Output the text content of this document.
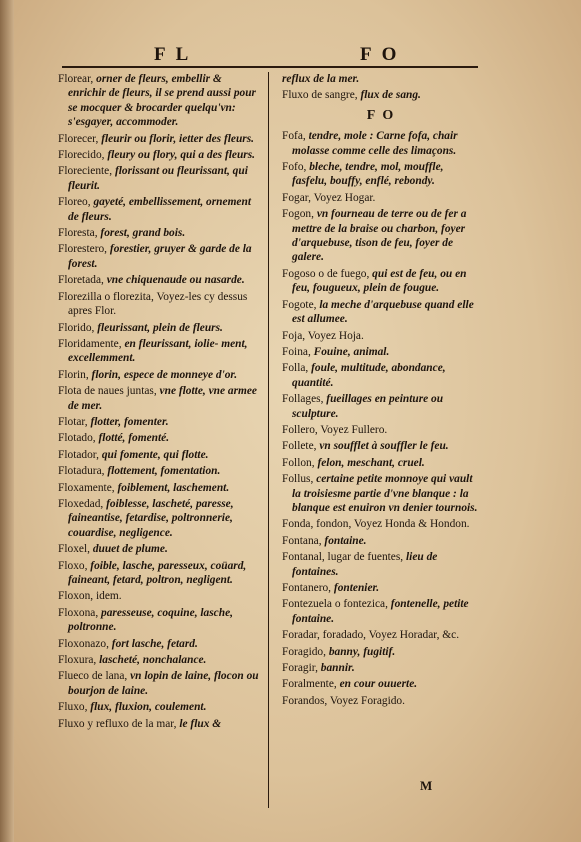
F L	F O
Florear, orner de fleurs, embellir & enrichir de fleurs, il se prend aussi pour se mocquer & brocarder quelqu'vn: s'esgayer, accommoder.
Florecer, fleurir ou florir, ietter des fleurs.
Florecido, fleury ou flory, qui a des fleurs.
Floreciente, florissant ou fleurissant, qui fleurit.
Floreo, gayeté, embellissement, ornement de fleurs.
Floresta, forest, grand bois.
Florestero, forestier, gruyer & garde de la forest.
Floretada, vne chiquenaude ou nasarde.
Florezilla o florezita, Voyez-les cy dessus apres Flor.
Florido, fleurissant, plein de fleurs.
Floridamente, en fleurissant, iolie- ment, excellemment.
Florin, florin, espece de monneye d'or.
Flota de naues juntas, vne flotte, vne armee de mer.
Flotar, flotter, fomenter.
Flotado, flotté, fomenté.
Flotador, qui fomente, qui flotte.
Flotadura, flottement, fomentation.
Floxamente, foiblement, laschement.
Floxedad, foiblesse, lascheté, paresse, faineantise, fetardise, poltronnerie, couardise, negligence.
Floxel, duuet de plume.
Floxo, foible, lasche, paresseux, coüard, faineant, fetard, poltron, negligent.
Floxon, idem.
Floxona, paresseuse, coquine, lasche, poltronne.
Floxonazo, fort lasche, fetard.
Floxura, lascheté, nonchalance.
Flueco de lana, vn lopin de laine, flocon ou bourjon de laine.
Fluxo, flux, fluxion, coulement.
Fluxo y refluxo de la mar, le flux &
reflux de la mer.
Fluxo de sangre, flux de sang.
F O
Fofa, tendre, mole : Carne fofa, chair molasse comme celle des limaçons.
Fofo, bleche, tendre, mol, mouffle, fasfelu, bouffy, enflé, rebondy.
Fogar, Voyez Hogar.
Fogon, vn fourneau de terre ou de fer a mettre de la braise ou charbon, foyer d'arquebuse, tison de feu, foyer de galere.
Fogoso o de fuego, qui est de feu, ou en feu, fougueux, plein de fougue.
Fogote, la meche d'arquebuse quand elle est allumee.
Foja, Voyez Hoja.
Foina, Fouine, animal.
Folla, foule, multitude, abondance, quantité.
Follages, fueillages en peinture ou sculpture.
Follero, Voyez Fullero.
Follete, vn soufflet à souffler le feu.
Follon, felon, meschant, cruel.
Follus, certaine petite monnoye qui vault la troisiesme partie d'vne blanque : la blanque est enuiron vn denier tournois.
Fonda, fondon, Voyez Honda & Hondon.
Fontana, fontaine.
Fontanal, lugar de fuentes, lieu de fontaines.
Fontanero, fontenier.
Fontezuela o fontezica, fontenelle, petite fontaine.
Foradar, foradado, Voyez Horadar, &c.
Foragido, banny, fugitif.
Foragir, bannir.
Foralmente, en cour ouuerte.
Forandos, Voyez Foragido.
M
